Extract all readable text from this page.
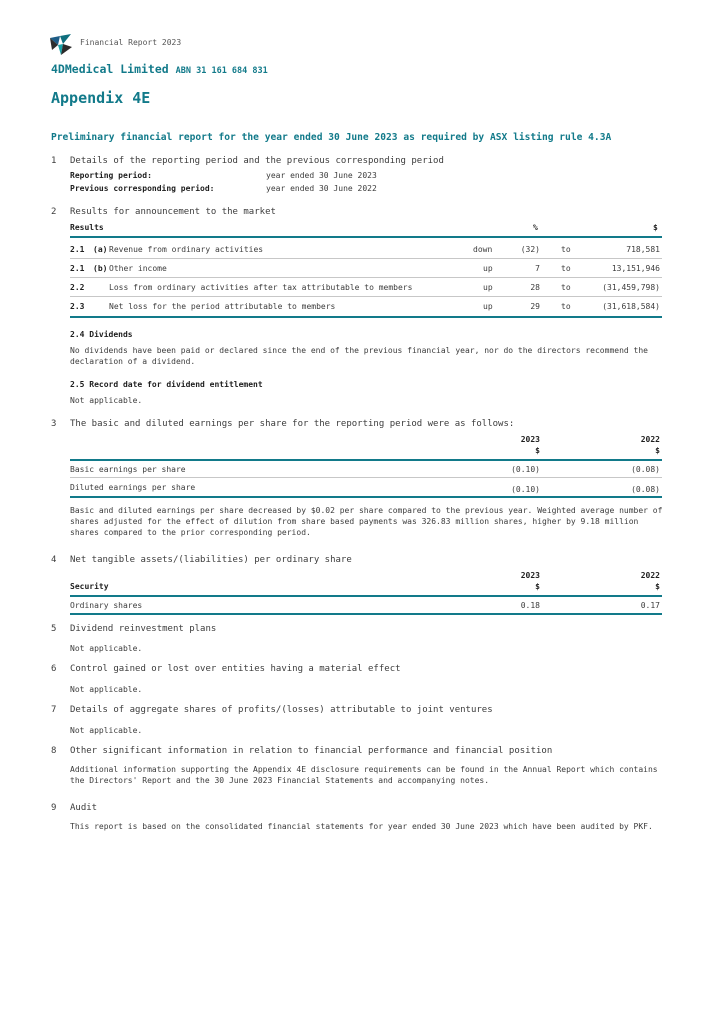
Financial Report 2023
4DMedical Limited ABN 31 161 684 831
Appendix 4E
Preliminary financial report for the year ended 30 June 2023 as required by ASX listing rule 4.3A
1 Details of the reporting period and the previous corresponding period
Reporting period:	year ended 30 June 2023
Previous corresponding period:	year ended 30 June 2022
2 Results for announcement to the market
Results	%	$
2.1 (a) Revenue from ordinary activities	down	(32)	to	718,581
2.1 (b) Other income	up	7	to	13,151,946
2.2	Loss from ordinary activities after tax attributable to members	up	28	to	(31,459,798)
2.3	Net loss for the period attributable to members	up	29	to	(31,618,584)
2.4 Dividends
No dividends have been paid or declared since the end of the previous financial year, nor do the directors recommend the declaration of a dividend.
2.5 Record date for dividend entitlement
Not applicable.
3 The basic and diluted earnings per share for the reporting period were as follows:
2023	2022
$	$
Basic earnings per share	(0.10)	(0.08)
Diluted earnings per share	(0.10)	(0.08)
Basic and diluted earnings per share decreased by $0.02 per share compared to the previous year. Weighted average number of shares adjusted for the effect of dilution from share based payments was 326.83 million shares, higher by 9.18 million shares compared to the prior corresponding period.
4 Net tangible assets/(liabilities) per ordinary share
2023	2022
Security	$	$
Ordinary shares	0.18	0.17
5 Dividend reinvestment plans
Not applicable.
6 Control gained or lost over entities having a material effect
Not applicable.
7 Details of aggregate shares of profits/(losses) attributable to joint ventures
Not applicable.
8 Other significant information in relation to financial performance and financial position
Additional information supporting the Appendix 4E disclosure requirements can be found in the Annual Report which contains the Directors' Report and the 30 June 2023 Financial Statements and accompanying notes.
9 Audit
This report is based on the consolidated financial statements for year ended 30 June 2023 which have been audited by PKF.
